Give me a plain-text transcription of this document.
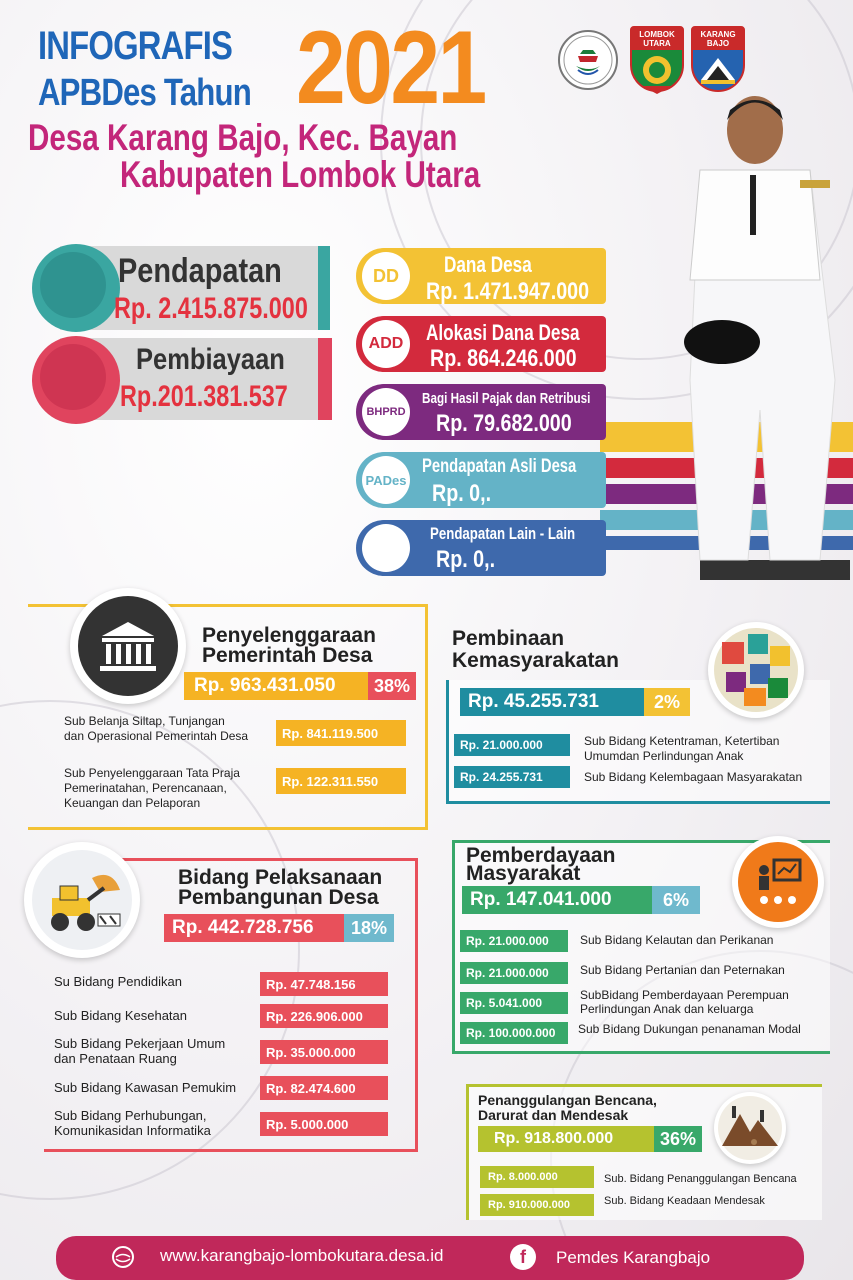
INFOGRAFIS
APBDes Tahun 2021
Desa Karang Bajo, Kec. Bayan
Kabupaten Lombok Utara
LOMBOK UTARA
KARANG BAJO
Pendapatan
Rp. 2.415.875.000
Pembiayaan
Rp.201.381.537
DD	Dana Desa
Rp. 1.471.947.000
ADD	Alokasi Dana Desa
Rp. 864.246.000
BHPRD
Bagi Hasil Pajak dan Retribusi
Rp. 79.682.000
PADes
Pendapatan Asli Desa
Rp. 0,.
Pendapatan Lain - Lain
Rp. 0,.
Penyelenggaraan
Pemerintah Desa
Rp. 963.431.050	38%
Sub Belanja Siltap, Tunjangan
dan Operasional Pemerintah Desa	Rp. 841.119.500
Sub Penyelenggaraan Tata Praja
Pemerinatahan, Perencanaan,
Keuangan dan Pelaporan
Rp. 122.311.550
Pembinaan
Kemasyarakatan
Rp. 45.255.731	2%
Rp. 21.000.000	Sub Bidang Ketentraman, Ketertiban
Umumdan Perlindungan Anak
Rp. 24.255.731	Sub Bidang Kelembagaan Masyarakatan
Bidang Pelaksanaan
Pembangunan Desa
Rp. 442.728.756	18%
Su Bidang Pendidikan	Rp. 47.748.156
Sub Bidang Kesehatan	Rp. 226.906.000
Sub Bidang Pekerjaan Umum
dan Penataan Ruang	Rp. 35.000.000
Sub Bidang Kawasan Pemukim	Rp. 82.474.600
Sub Bidang Perhubungan,
Komunikasidan Informatika	Rp. 5.000.000
Pemberdayaan
Masyarakat
Rp. 147.041.000	6%
Rp. 21.000.000	Sub Bidang Kelautan dan Perikanan
Rp. 21.000.000	Sub Bidang Pertanian dan Peternakan
Rp. 5.041.000
SubBidang Pemberdayaan Perempuan
Perlindungan Anak dan keluarga
Rp. 100.000.000	Sub Bidang Dukungan penanaman Modal
Penanggulangan Bencana,
Darurat dan Mendesak
Rp. 918.800.000	36%
Rp. 8.000.000	Sub. Bidang Penanggulangan Bencana
Rp. 910.000.000	Sub. Bidang Keadaan Mendesak
www.karangbajo-lombokutara.desa.id	f	Pemdes Karangbajo
